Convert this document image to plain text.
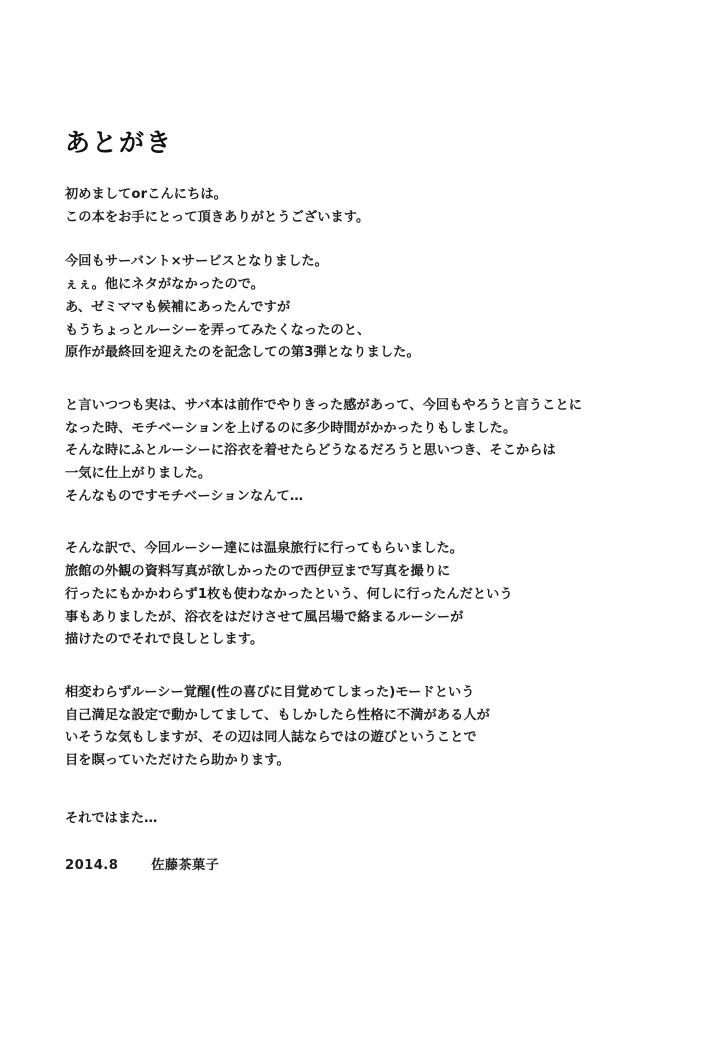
あとがき
初めましてorこんにちは。
この本をお手にとって頂きありがとうございます。
今回もサーバント×サービスとなりました。
ぇぇ。他にネタがなかったので。
あ、ゼミママも候補にあったんですが
もうちょっとルーシーを弄ってみたくなったのと、
原作が最終回を迎えたのを記念しての第3弾となりました。
と言いつつも実は、サバ本は前作でやりきった感があって、今回もやろうと言うことに
なった時、モチベーションを上げるのに多少時間がかかったりもしました。
そんな時にふとルーシーに浴衣を着せたらどうなるだろうと思いつき、そこからは
一気に仕上がりました。
そんなものですモチベーションなんて…
そんな訳で、今回ルーシー達には温泉旅行に行ってもらいました。
旅館の外観の資料写真が欲しかったので西伊豆まで写真を撮りに
行ったにもかかわらず1枚も使わなかったという、何しに行ったんだという
事もありましたが、浴衣をはだけさせて風呂場で絡まるルーシーが
描けたのでそれで良しとします。
相変わらずルーシー覚醒(性の喜びに目覚めてしまった)モードという
自己満足な設定で動かしてまして、もしかしたら性格に不満がある人が
いそうな気もしますが、その辺は同人誌ならではの遊びということで
目を瞑っていただけたら助かります。
それではまた…
2014.8	佐藤茶菓子
